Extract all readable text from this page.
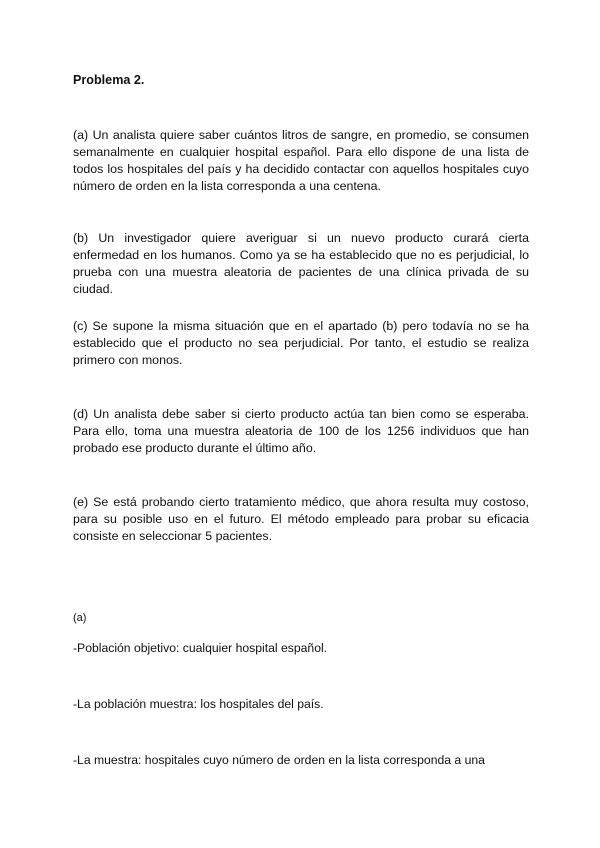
Problema 2.

(a) Un analista quiere saber cuántos litros de sangre, en promedio, se consumen semanalmente en cualquier hospital español. Para ello dispone de una lista de todos los hospitales del país y ha decidido contactar con aquellos hospitales cuyo número de orden en la lista corresponda a una centena.

(b) Un investigador quiere averiguar si un nuevo producto curará cierta enfermedad en los humanos. Como ya se ha establecido que no es perjudicial, lo prueba con una muestra aleatoria de pacientes de una clínica privada de su ciudad.

(c) Se supone la misma situación que en el apartado (b) pero todavía no se ha establecido que el producto no sea perjudicial. Por tanto, el estudio se realiza primero con monos.

(d) Un analista debe saber si cierto producto actúa tan bien como se esperaba. Para ello, toma una muestra aleatoria de 100 de los 1256 individuos que han probado ese producto durante el último año.

(e) Se está probando cierto tratamiento médico, que ahora resulta muy costoso, para su posible uso en el futuro. El método empleado para probar su eficacia consiste en seleccionar 5 pacientes.

(a)

-Población objetivo: cualquier hospital español.

-La población muestra: los hospitales del país.

-La muestra: hospitales cuyo número de orden en la lista corresponda a una
